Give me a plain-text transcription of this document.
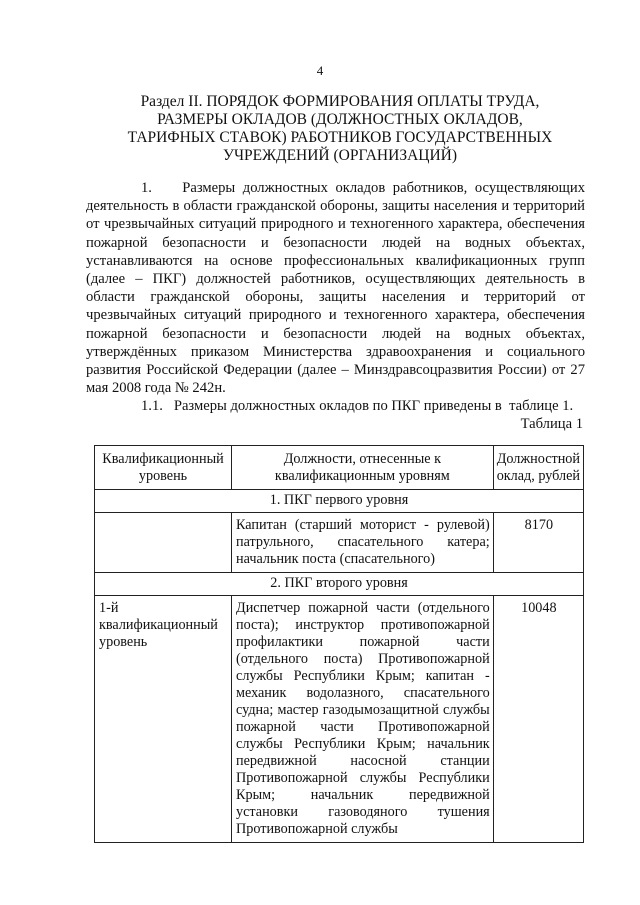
4
Раздел II. ПОРЯДОК ФОРМИРОВАНИЯ ОПЛАТЫ ТРУДА,
РАЗМЕРЫ ОКЛАДОВ (ДОЛЖНОСТНЫХ ОКЛАДОВ,
ТАРИФНЫХ СТАВОК) РАБОТНИКОВ ГОСУДАРСТВЕННЫХ
УЧРЕЖДЕНИЙ (ОРГАНИЗАЦИЙ)

1.    Размеры должностных окладов работников, осуществляющих деятельность в области гражданской обороны, защиты населения и территорий от чрезвычайных ситуаций природного и техногенного характера, обеспечения пожарной безопасности и безопасности людей на водных объектах, устанавливаются на основе профессиональных квалификационных групп (далее – ПКГ) должностей работников, осуществляющих деятельность в области гражданской обороны, защиты населения и территорий от чрезвычайных ситуаций природного и техногенного характера, обеспечения пожарной безопасности и безопасности людей на водных объектах, утверждённых приказом Министерства здравоохранения и социального развития Российской Федерации (далее – Минздравсоцразвития России) от 27 мая 2008 года № 242н.

1.1.   Размеры должностных окладов по ПКГ приведены в  таблице 1.

Таблица 1
Квалификационный уровень	Должности, отнесенные к квалификационным уровням	Должностной оклад, рублей
1. ПКГ первого уровня		
	Капитан (старший моторист - рулевой) патрульного, спасательного катера; начальник поста (спасательного)	8170
2. ПКГ второго уровня		
1-й квалификационный уровень	Диспетчер пожарной части (отдельного поста); инструктор противопожарной профилактики пожарной части (отдельного поста) Противопожарной службы Республики Крым; капитан - механик водолазного, спасательного судна; мастер газодымозащитной службы пожарной части Противопожарной службы Республики Крым; начальник передвижной насосной станции Противопожарной службы Республики Крым; начальник передвижной установки газоводяного тушения Противопожарной службы	10048
